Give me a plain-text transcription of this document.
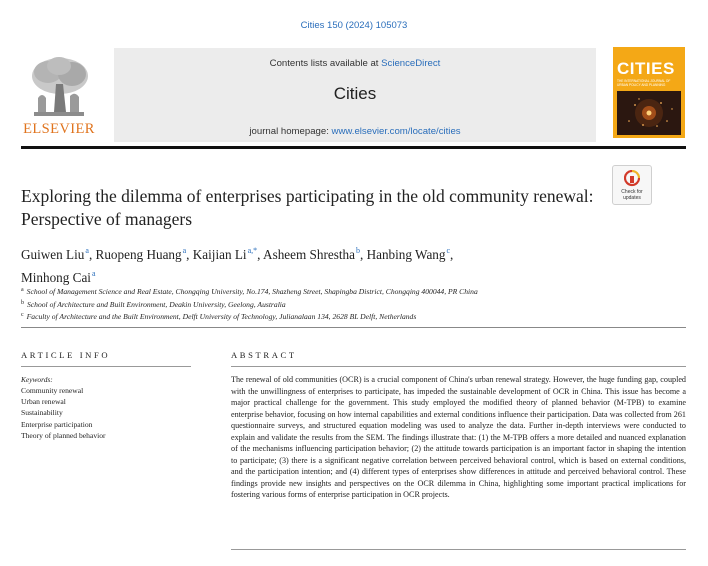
Cities 150 (2024) 105073
ELSEVIER
Contents lists available at ScienceDirect
Cities
journal homepage: www.elsevier.com/locate/cities
CITIES
THE INTERNATIONAL JOURNAL OF URBAN POLICY AND PLANNING
Check for updates
Exploring the dilemma of enterprises participating in the old community renewal: Perspective of managers
Guiwen Liu$^a$, Ruopeng Huang$^a$, Kaijian $Li^{a,*}$, Asheem Shrestha$^b$, Hanbing Wang$^c$,
Minhong Cai$^a$
$^a$ School of Management Science and Real Estate, Chongqing University, No.174, Shazheng Street, Shapingba District, Chongqing 400044, PR China
$^b$ School of Architecture and Built Environment, Deakin University, Geelong, Australia
$^c$ Faculty of Architecture and the Built Environment, Delft University of Technology, Julianalaan 134, 2628 BL Delft, Netherlands
ARTICLE INFO
Keywords:
Community renewal
Urban renewal
Sustainability
Enterprise participation
Theory of planned behavior
ABSTRACT
The renewal of old communities (OCR) is a crucial component of China's urban renewal strategy. However, the huge funding gap, coupled with the unwillingness of enterprises to participate, has impeded the sustainable development of OCR in China. This issue has become a major practical challenge for the government. This study employed the modified theory of planned behavior (M-TPB) to examine enterprise behavior, focusing on how internal capabilities and external conditions influence their participation. Data was collected from 261 questionnaire surveys, and structured equation modeling was used to analyze the data. Further in-depth interviews were conducted to explain and validate the results from the SEM. The findings illustrate that: (1) the M-TPB offers a more detailed and nuanced explanation of the mechanisms influencing participation behavior; (2) the attitude towards participation is an important factor in shaping the intention to participate; (3) there is a significant negative correlation between perceived behavioral control, which is based on external conditions, and the participation intention; and (4) different types of enterprises show differences in attitude and perceived behavioral control. These findings provide new insights and perspectives on the OCR dilemma in China, highlighting some important practical implications for fostering various forms of enterprise participation in OCR projects.
